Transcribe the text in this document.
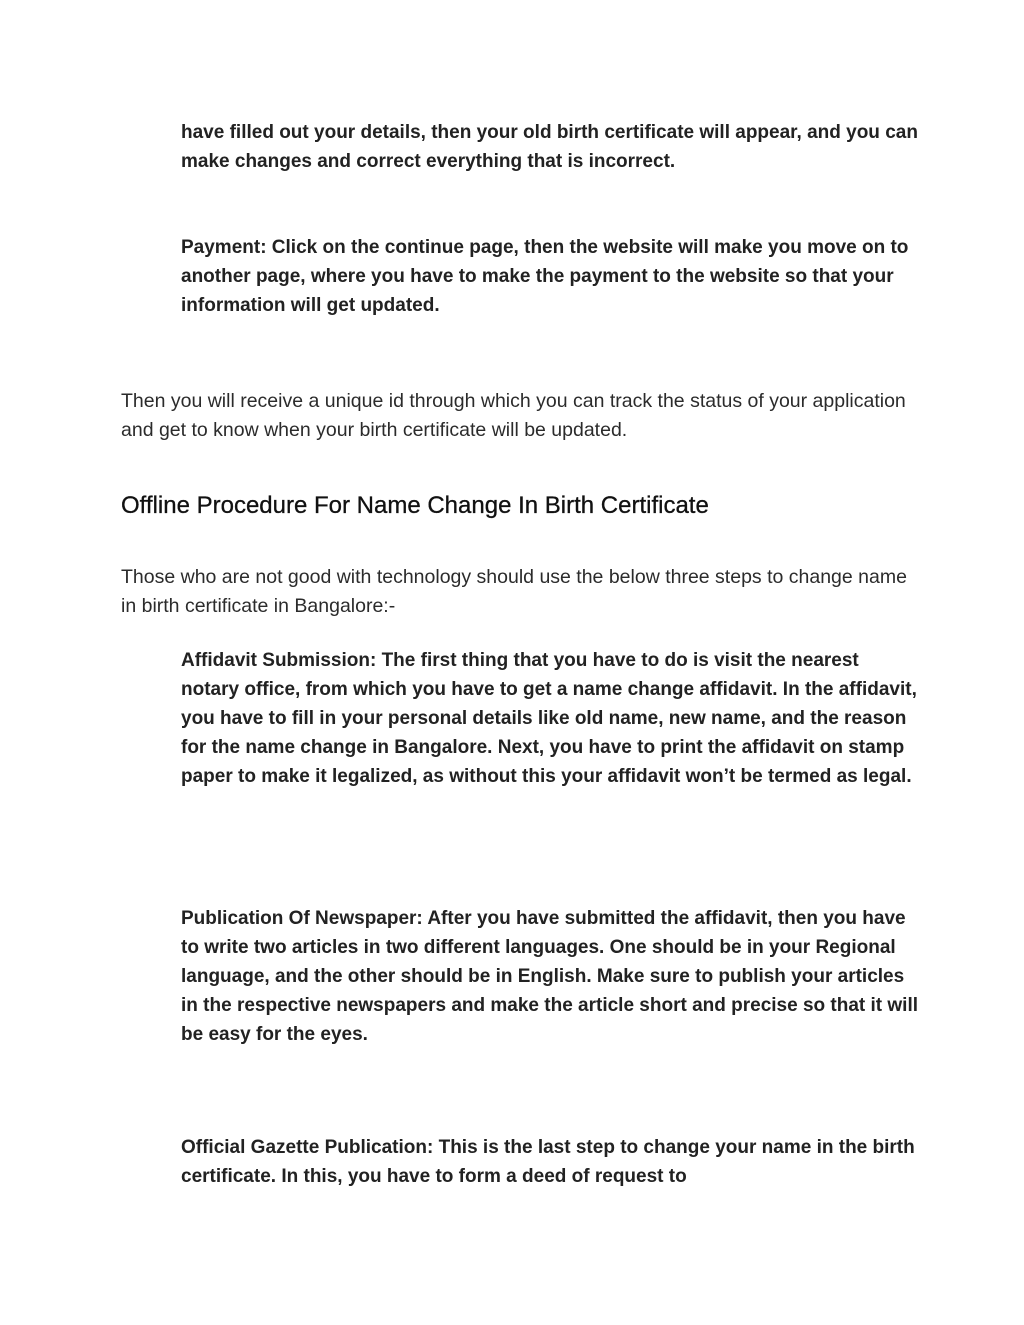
have filled out your details, then your old birth certificate will appear, and you can make changes and correct everything that is incorrect.

Payment: Click on the continue page, then the website will make you move on to another page, where you have to make the payment to the website so that your information will get updated.

Then you will receive a unique id through which you can track the status of your application and get to know when your birth certificate will be updated.

Offline Procedure For Name Change In Birth Certificate

Those who are not good with technology should use the below three steps to change name in birth certificate in Bangalore:-

Affidavit Submission: The first thing that you have to do is visit the nearest notary office, from which you have to get a name change affidavit. In the affidavit, you have to fill in your personal details like old name, new name, and the reason for the name change in Bangalore. Next, you have to print the affidavit on stamp paper to make it legalized, as without this your affidavit won’t be termed as legal.

Publication Of Newspaper: After you have submitted the affidavit, then you have to write two articles in two different languages. One should be in your Regional language, and the other should be in English. Make sure to publish your articles in the respective newspapers and make the article short and precise so that it will be easy for the eyes.

Official Gazette Publication: This is the last step to change your name in the birth certificate. In this, you have to form a deed of request to
